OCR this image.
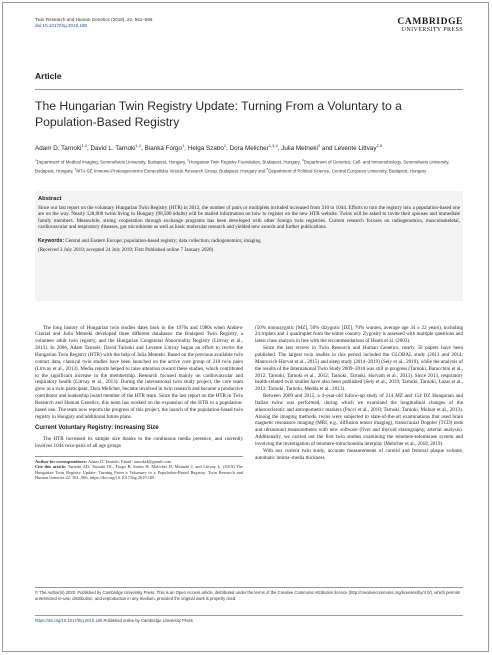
Twin Research and Human Genetics (2019), 22, 561–566
doi:10.1017/thg.2019.180	CAMBRIDGE
UNIVERSITY PRESS
Article
The Hungarian Twin Registry Update: Turning From a Voluntary to a Population-Based Registry
Adam D. Tarnoki$^{1,2}$, David L. Tarnoki$^{1,2}$, Bianka Forgo$^1$, Helga Szabo$^1$, Dora Melicher$^{1,3,4}$, Julia Metneki$^2$ and Levente Littvay$^{2,5}$
$^1$Department of Medical Imaging, Semmelweis University, Budapest, Hungary, $^2$Hungarian Twin Registry Foundation, Budapest, Hungary, $^3$Department of Genetics, Cell- and Immunobiology, Semmelweis University, Budapest, Hungary, $^4$MTA-SE Immune-Proteogenomics Extracellular Vesicle Research Group, Budapest, Hungary and $^5$Department of Political Science, Central European University, Budapest, Hungary
Abstract

Since our last report on the voluntary Hungarian Twin Registry (HTR) in 2012, the number of pairs or multiplets included increased from 310 to 1044. Efforts to turn the registry into a population-based one are on the way. Nearly 128,000 twins living in Hungary (98,500 adults) will be mailed information on how to register on the new HTR website. Twins will be asked to invite their spouses and immediate family members. Meanwhile, strong cooperation through exchange programs has been developed with other foreign twin registries. Current research focuses on radiogenomics, musculoskeletal, cardiovascular and respiratory diseases, gut microbiome as well as basic molecular research and yielded new awards and further publications.

Keywords: Central and Eastern Europe; population-based registry; data collection; radiogenomics; imaging

(Received 3 July 2019; accepted 24 July 2019; First Published online 7 January 2020)

The long history of Hungarian twin studies dates back in the 1970s and 1980s when Andrew Czeizel and Julia Metneki developed three different databases: the Budapest Twin Registry, a volunteer adult twin registry, and the Hungarian Congenital Abnormality Registry (Littvay et al., 2013). In 2006, Adam Tarnoki, David Tarnoki and Levente Littvay began an effort to revive the Hungarian Twin Registry (HTR) with the help of Julia Metneki. Based on the previous available twin contact data, classical twin studies have been launched on the active core group of 310 twin pairs (Littvay et al., 2013). Media reports helped to raise attention toward these studies, which contributed to the significant increase in the membership. Research focused mainly on cardiovascular and respiratory health (Littvay et al., 2013). During the international twin study project, the core team grew as a twin participant, Dora Melicher, became involved in twin research and became a productive contributor and leadership board member of the HTR team. Since the last report on the HTR in Twin Research and Human Genetics, this team has worked on the expansion of the HTR to a population-based one. The team now reports the progress of this project, the launch of the population-based twin registry in Hungary and additional future plans.

Current Voluntary Registry: Increasing Size

The HTR increased its sample size thanks to the continuous media presence, and currently involves 1044 twin-pairs of all age groups

Author for correspondence: Adam D. Tarnoki, Email: tarnoki4@gmail.com
Cite this article: Tarnoki AD, Tarnoki DL, Forgo B, Szabo H, Melicher D, Metneki J, and Littvay L. (2019) The Hungarian Twin Registry Update: Turning From a Voluntary to a Population-Based Registry. Twin Research and Human Genetics 22: 561–566, https://doi.org/10.1017/thg.2019.180

(50% monozygotic [MZ], 50% dizygotic [DZ], 70% women, average age 34 ± 22 years), including 24 triplets and 1 quadruplet from the entire country. Zygosity is assessed with multiple questions and latest class analysis in line with the recommendations of Heath et al. (2003).

Since the last review in Twin Research and Human Genetics, nearly 50 papers have been published. The largest twin studies in this period included the GLOBAL study (2013 and 2014; Maurovich-Horvat et al., 2015) and sleep study (2014–2019) (Sely et al., 2019), while the analysis of the results of the International Twin Study 2009–2010 was still in progress (Tarnoki, Baracchini et al., 2012; Tarnoki, Tarnoki et al., 2012; Tarnoki, Tarnoki, Horvath et al., 2013). Since 2013, respiratory health-related twin studies have also been published (Sely et al., 2019; Tarnoki, Tarnoki, Lazar et al., 2013; Tarnoki, Tarnoki, Medda et al., 2013).

Between 2009 and 2015, a 4-year-old follow-up study of 214 MZ and 154 DZ Hungarian and Italian twins was performed, during which we examined the longitudinal changes of the atherosclerotic and antropometric markers (Pucci et al., 2018; Tarnoki, Tarnoki, Molnar et al., 2013). Among the imaging methods, twins were subjected to state-of-the-art examinations that used brain magnetic resonance imaging (MRI, e.g., diffusion tensor imaging), transcranial Doppler (TCD) tests and ultrasound measurements with new software (liver and thyroid elastography, arterial analysis). Additionally, we carried out the first twin studies examining the telomere-telomerase system and involving the investigation of telomere-mitochondria interplay (Melicher et al., 2018, 2019).

With our current twin study, accurate measurements of carotid and femoral plaque volume, automatic intima–media thickness

© The Author(s) 2020. Published by Cambridge University Press. This is an Open Access article, distributed under the terms of the Creative Commons Attribution licence (http://creativecommons.org/licenses/by/4.0/), which permits unrestricted re-use, distribution, and reproduction in any medium, provided the original work is properly cited.
https://doi.org/10.1017/thg.2019.180 Published online by Cambridge University Press
